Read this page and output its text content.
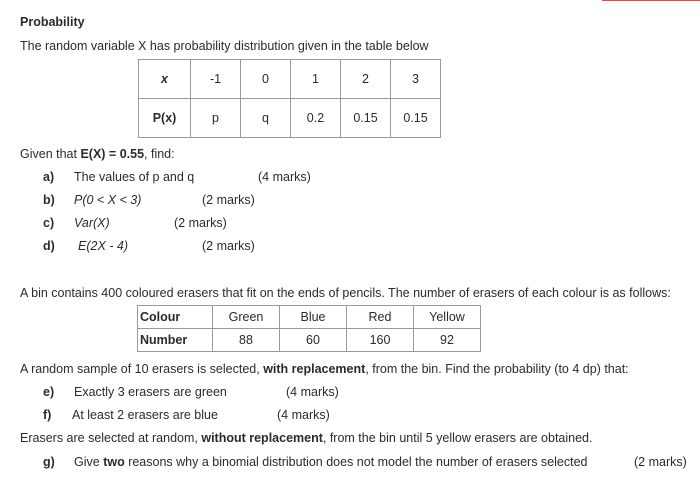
Probability
The random variable X has probability distribution given in the table below
x	-1	0	1	2	3
P(x)	p	q	0.2	0.15	0.15
Given that E(X) = 0.55, find:
a) The values of p and q	(4 marks)
b) P(0 < X < 3)	(2 marks)
c) Var(X)	(2 marks)
d) E(2X - 4)	(2 marks)
A bin contains 400 coloured erasers that fit on the ends of pencils. The number of erasers of each colour is as follows:
Colour	Green	Blue	Red	Yellow
Number	88	60	160	92
A random sample of 10 erasers is selected, with replacement, from the bin. Find the probability (to 4 dp) that:
e) Exactly 3 erasers are green	(4 marks)
f) At least 2 erasers are blue	(4 marks)
Erasers are selected at random, without replacement, from the bin until 5 yellow erasers are obtained.
g) Give two reasons why a binomial distribution does not model the number of erasers selected	(2 marks)
